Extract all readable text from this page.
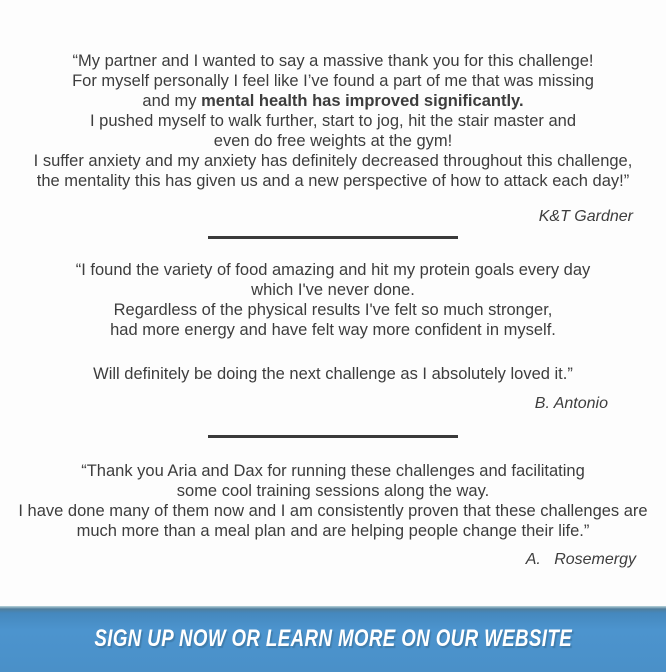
“My partner and I wanted to say a massive thank you for this challenge!

For myself personally I feel like I’ve found a part of me that was missing

and my mental health has improved significantly.

I pushed myself to walk further, start to jog, hit the stair master and

even do free weights at the gym!

I suffer anxiety and my anxiety has definitely decreased throughout this challenge,

the mentality this has given us and a new perspective of how to attack each day!”

K&T Gardner

“I found the variety of food amazing and hit my protein goals every day

which I've never done.

Regardless of the physical results I've felt so much stronger,

had more energy and have felt way more confident in myself.

Will definitely be doing the next challenge as I absolutely loved it.”

B. Antonio

“Thank you Aria and Dax for running these challenges and facilitating

some cool training sessions along the way.

I have done many of them now and I am consistently proven that these challenges are

much more than a meal plan and are helping people change their life.”

A.   Rosemergy

SIGN UP NOW OR LEARN MORE ON OUR WEBSITE
